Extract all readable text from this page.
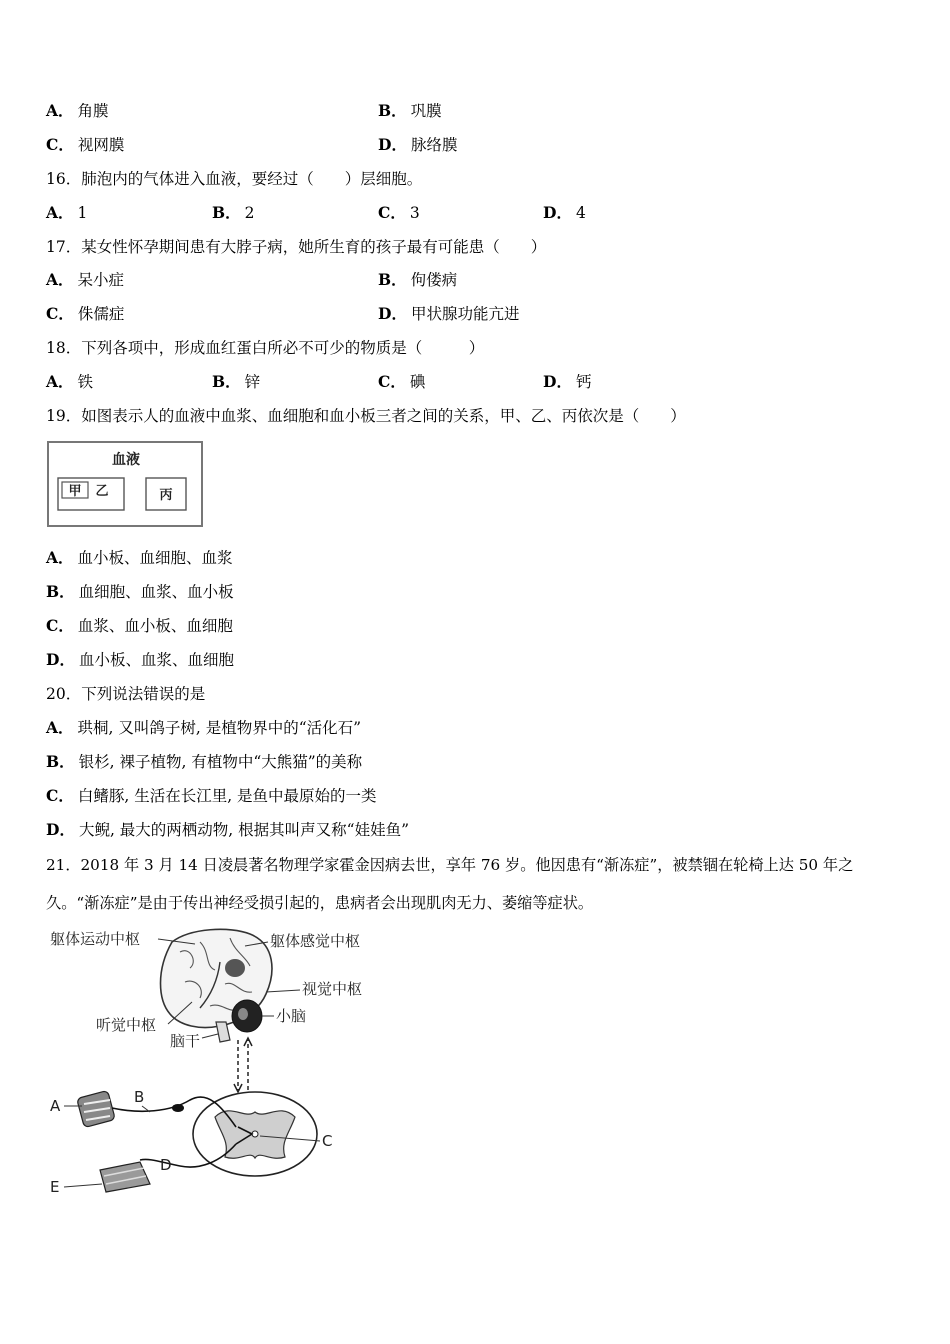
A． 角膜	B． 巩膜
C． 视网膜	D． 脉络膜
16．肺泡内的气体进入血液，要经过（　　）层细胞。
A． 1	B． 2	C． 3	D． 4
17．某女性怀孕期间患有大脖子病，她所生育的孩子最有可能患（　　）
A． 呆小症	B． 佝偻病
C． 侏儒症	D． 甲状腺功能亢进
18．下列各项中，形成血红蛋白所必不可少的物质是（　　　）
A． 铁	B． 锌	C． 碘	D． 钙
19．如图表示人的血液中血浆、血细胞和血小板三者之间的关系，甲、乙、丙依次是（　　）
血液
甲 乙	丙
A． 血小板、血细胞、血浆
B． 血细胞、血浆、血小板
C． 血浆、血小板、血细胞
D． 血小板、血浆、血细胞
20．下列说法错误的是
A． 珙桐, 又叫鸽子树, 是植物界中的“活化石”
B． 银杉, 裸子植物, 有植物中“大熊猫”的美称
C． 白鳍豚, 生活在长江里, 是鱼中最原始的一类
D． 大鲵, 最大的两栖动物, 根据其叫声又称“娃娃鱼”
21．2018 年 3 月 14 日凌晨著名物理学家霍金因病去世，享年 76 岁。他因患有“渐冻症”，被禁锢在轮椅上达 50 年之
久。“渐冻症”是由于传出神经受损引起的，患病者会出现肌肉无力、萎缩等症状。
躯体运动中枢	躯体感觉中枢
视觉中枢
听觉中枢	小脑
脑干
C
A	B
D
E
